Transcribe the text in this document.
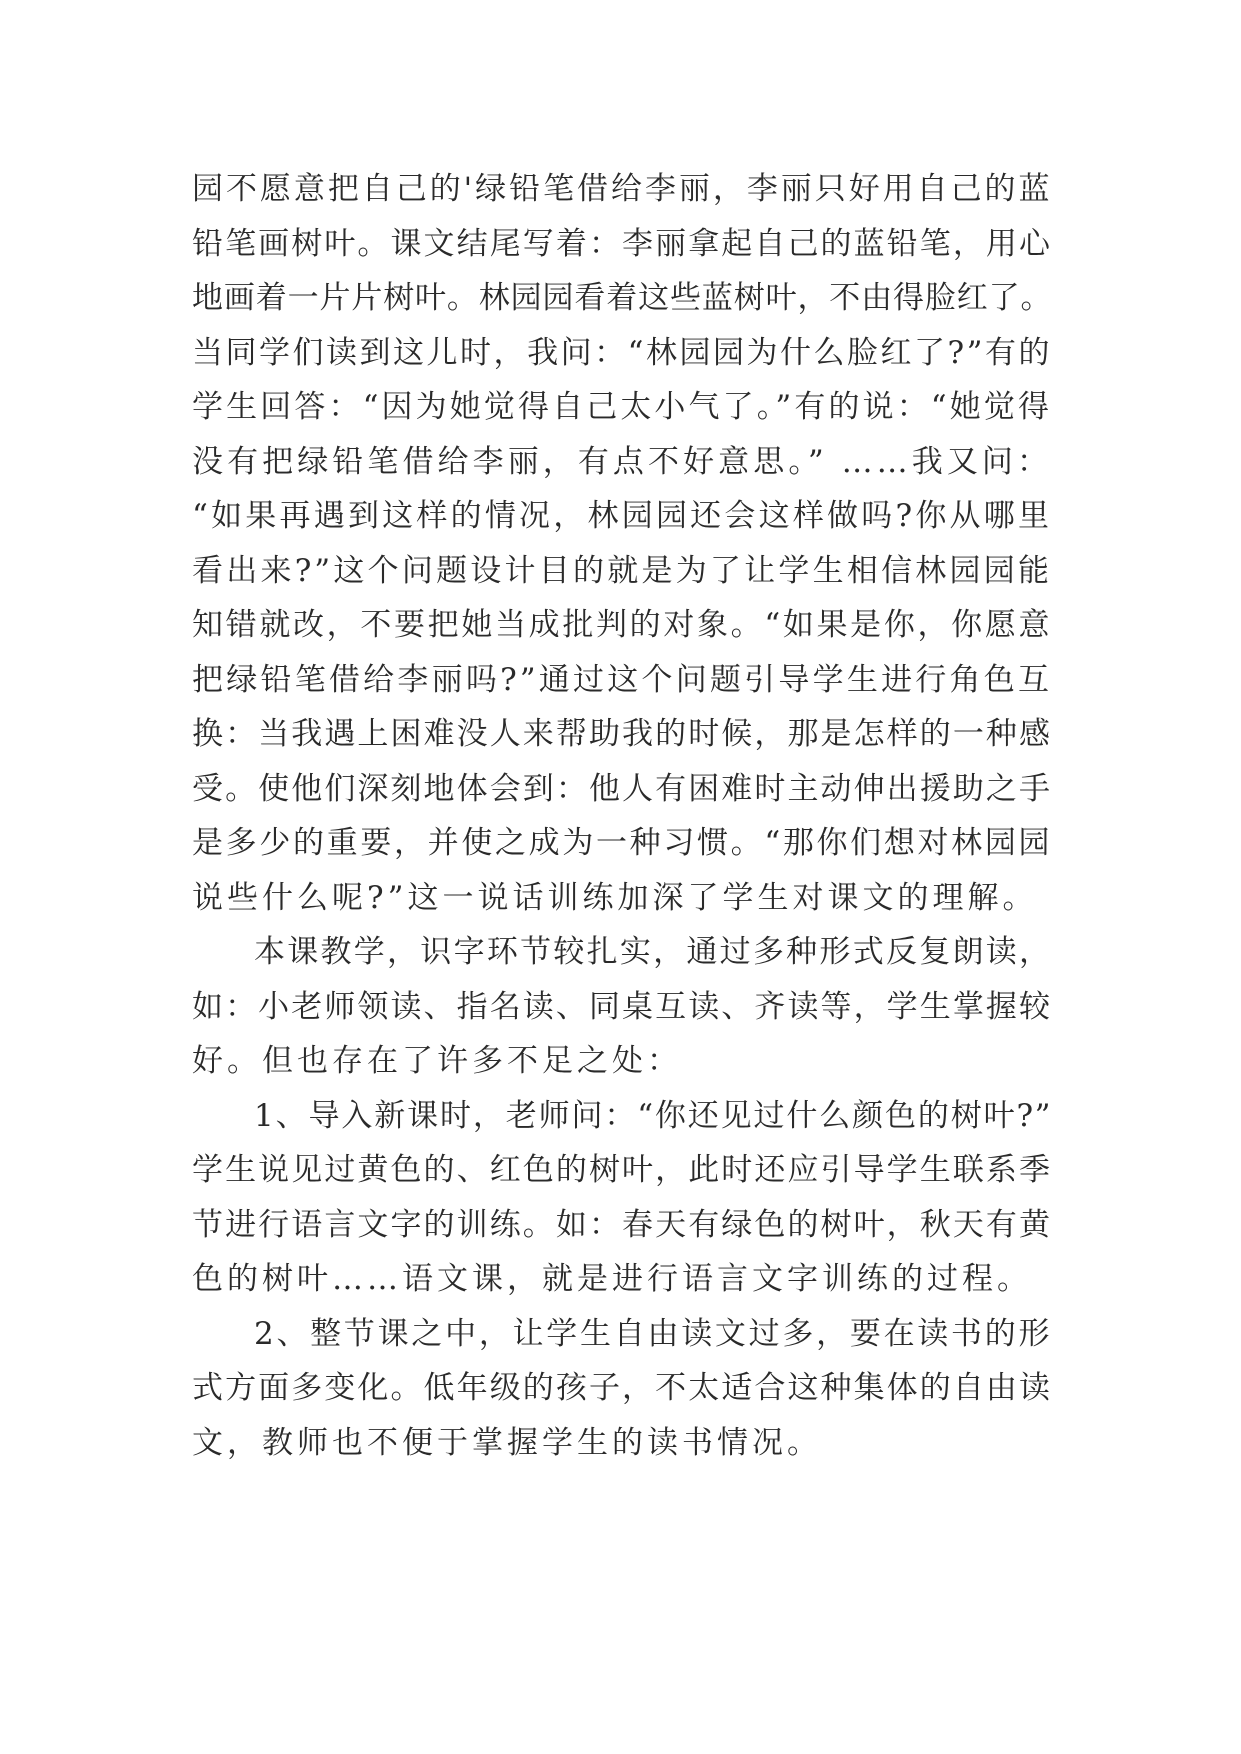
园不愿意把自己的'绿铅笔借给李丽，李丽只好用自己的蓝
铅笔画树叶。课文结尾写着：李丽拿起自己的蓝铅笔，用心
地画着一片片树叶。林园园看着这些蓝树叶，不由得脸红了。
当同学们读到这儿时，我问：“林园园为什么脸红了?”有的
学生回答：“因为她觉得自己太小气了。”有的说：“她觉得
没有把绿铅笔借给李丽，有点不好意思。” ……我又问：
“如果再遇到这样的情况，林园园还会这样做吗?你从哪里
看出来?”这个问题设计目的就是为了让学生相信林园园能
知错就改，不要把她当成批判的对象。“如果是你，你愿意
把绿铅笔借给李丽吗?”通过这个问题引导学生进行角色互
换：当我遇上困难没人来帮助我的时候，那是怎样的一种感
受。使他们深刻地体会到：他人有困难时主动伸出援助之手
是多少的重要，并使之成为一种习惯。“那你们想对林园园
说些什么呢?”这一说话训练加深了学生对课文的理解。
本课教学，识字环节较扎实，通过多种形式反复朗读，
如：小老师领读、指名读、同桌互读、齐读等，学生掌握较
好。但也存在了许多不足之处：
1、导入新课时，老师问：“你还见过什么颜色的树叶?”
学生说见过黄色的、红色的树叶，此时还应引导学生联系季
节进行语言文字的训练。如：春天有绿色的树叶，秋天有黄
色的树叶……语文课，就是进行语言文字训练的过程。
2、整节课之中，让学生自由读文过多，要在读书的形
式方面多变化。低年级的孩子，不太适合这种集体的自由读
文，教师也不便于掌握学生的读书情况。
